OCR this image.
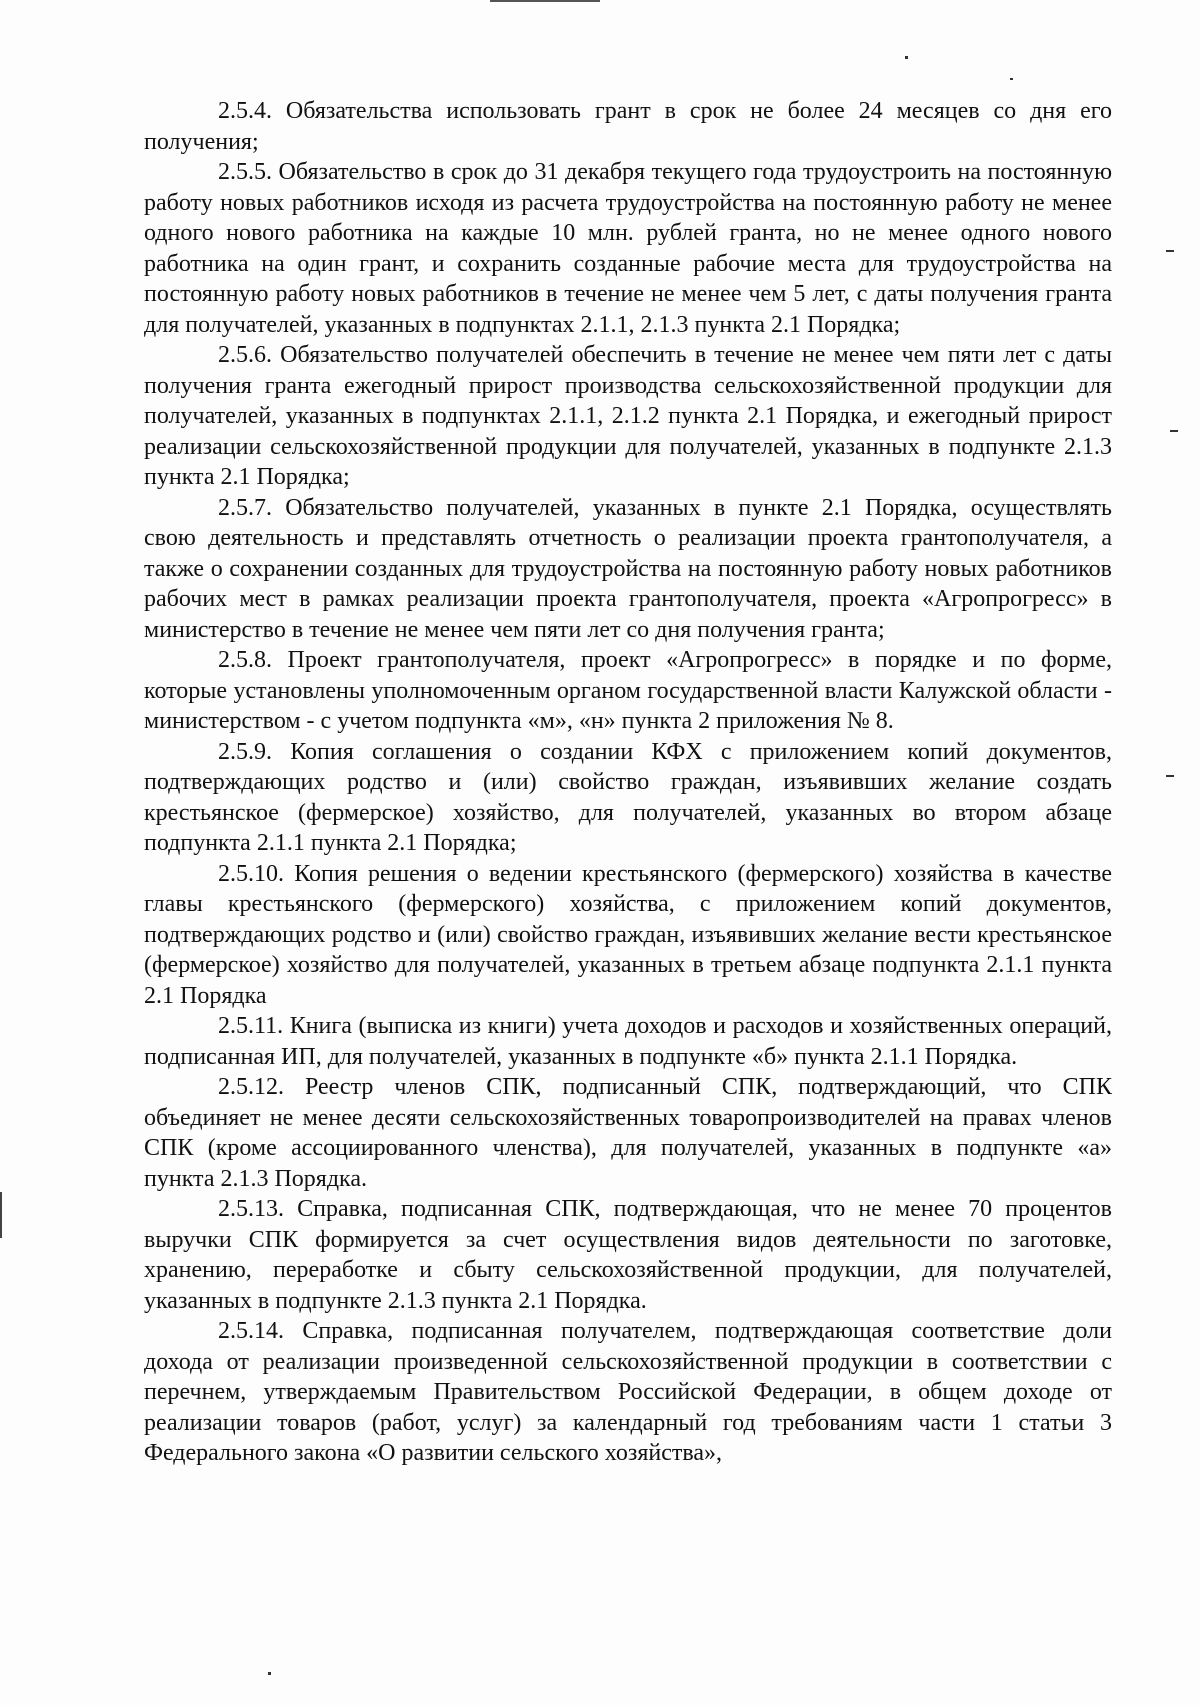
2.5.4. Обязательства использовать грант в срок не более 24 месяцев со дня его получения;

2.5.5. Обязательство в срок до 31 декабря текущего года трудоустроить на постоянную работу новых работников исходя из расчета трудоустройства на постоянную работу не менее одного нового работника на каждые 10 млн. рублей гранта, но не менее одного нового работника на один грант, и сохранить созданные рабочие места для трудоустройства на постоянную работу новых работников в течение не менее чем 5 лет, с даты получения гранта для получателей, указанных в подпунктах 2.1.1, 2.1.3 пункта 2.1 Порядка;

2.5.6. Обязательство получателей обеспечить в течение не менее чем пяти лет с даты получения гранта ежегодный прирост производства сельскохозяйственной продукции для получателей, указанных в подпунктах 2.1.1, 2.1.2 пункта 2.1 Порядка, и ежегодный прирост реализации сельскохозяйственной продукции для получателей, указанных в подпункте 2.1.3 пункта 2.1 Порядка;

2.5.7. Обязательство получателей, указанных в пункте 2.1 Порядка, осуществлять свою деятельность и представлять отчетность о реализации проекта грантополучателя, а также о сохранении созданных для трудоустройства на постоянную работу новых работников рабочих мест в рамках реализации проекта грантополучателя, проекта «Агропрогресс» в министерство в течение не менее чем пяти лет со дня получения гранта;

2.5.8. Проект грантополучателя, проект «Агропрогресс» в порядке и по форме, которые установлены уполномоченным органом государственной власти Калужской области - министерством - с учетом подпункта «м», «н» пункта 2 приложения № 8.

2.5.9. Копия соглашения о создании КФХ с приложением копий документов, подтверждающих родство и (или) свойство граждан, изъявивших желание создать крестьянское (фермерское) хозяйство, для получателей, указанных во втором абзаце подпункта 2.1.1 пункта 2.1 Порядка;

2.5.10. Копия решения о ведении крестьянского (фермерского) хозяйства в качестве главы крестьянского (фермерского) хозяйства, с приложением копий документов, подтверждающих родство и (или) свойство граждан, изъявивших желание вести крестьянское (фермерское) хозяйство для получателей, указанных в третьем абзаце подпункта 2.1.1 пункта 2.1 Порядка

2.5.11. Книга (выписка из книги) учета доходов и расходов и хозяйственных операций, подписанная ИП, для получателей, указанных в подпункте «б» пункта 2.1.1 Порядка.

2.5.12. Реестр членов СПК, подписанный СПК, подтверждающий, что СПК объединяет не менее десяти сельскохозяйственных товаропроизводителей на правах членов СПК (кроме ассоциированного членства), для получателей, указанных в подпункте «а» пункта 2.1.3 Порядка.

2.5.13. Справка, подписанная СПК, подтверждающая, что не менее 70 процентов выручки СПК формируется за счет осуществления видов деятельности по заготовке, хранению, переработке и сбыту сельскохозяйственной продукции, для получателей, указанных в подпункте 2.1.3 пункта 2.1 Порядка.

2.5.14. Справка, подписанная получателем, подтверждающая соответствие доли дохода от реализации произведенной сельскохозяйственной продукции в соответствии с перечнем, утверждаемым Правительством Российской Федерации, в общем доходе от реализации товаров (работ, услуг) за календарный год требованиям части 1 статьи 3 Федерального закона «О развитии сельского хозяйства»,
